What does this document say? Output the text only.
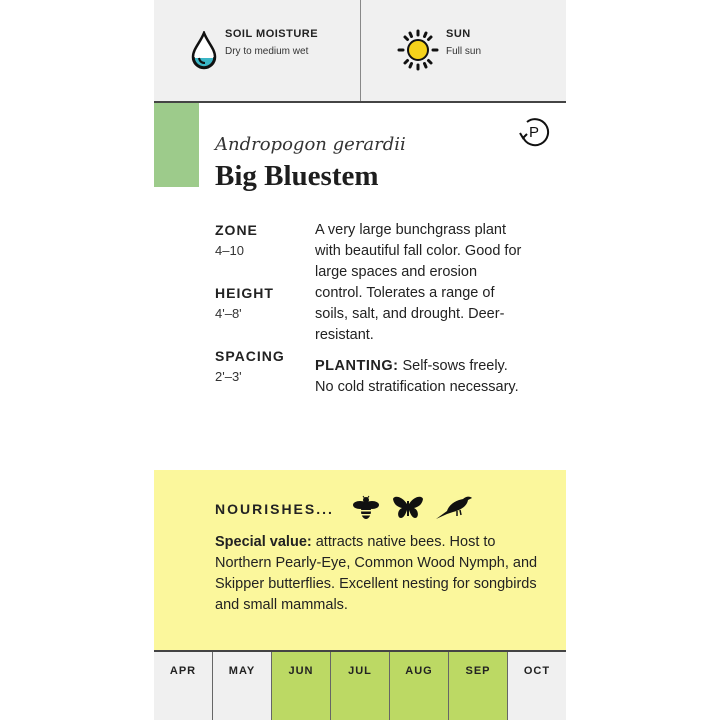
SOIL MOISTURE
Dry to medium wet
SUN
Full sun
Andropogon gerardii
Big Bluestem
P
ZONE
4–10
HEIGHT
4'–8'
SPACING
2'–3'
A very large bunchgrass plant with beautiful fall color. Good for large spaces and erosion control. Tolerates a range of soils, salt, and drought. Deer-resistant.
PLANTING: Self-sows freely. No cold stratification necessary.
NOURISHES...
Special value: attracts native bees. Host to Northern Pearly-Eye, Common Wood Nymph, and Skipper butterflies. Excellent nesting for songbirds and small mammals.
APR	MAY	JUN	JUL	AUG	SEP	OCT
